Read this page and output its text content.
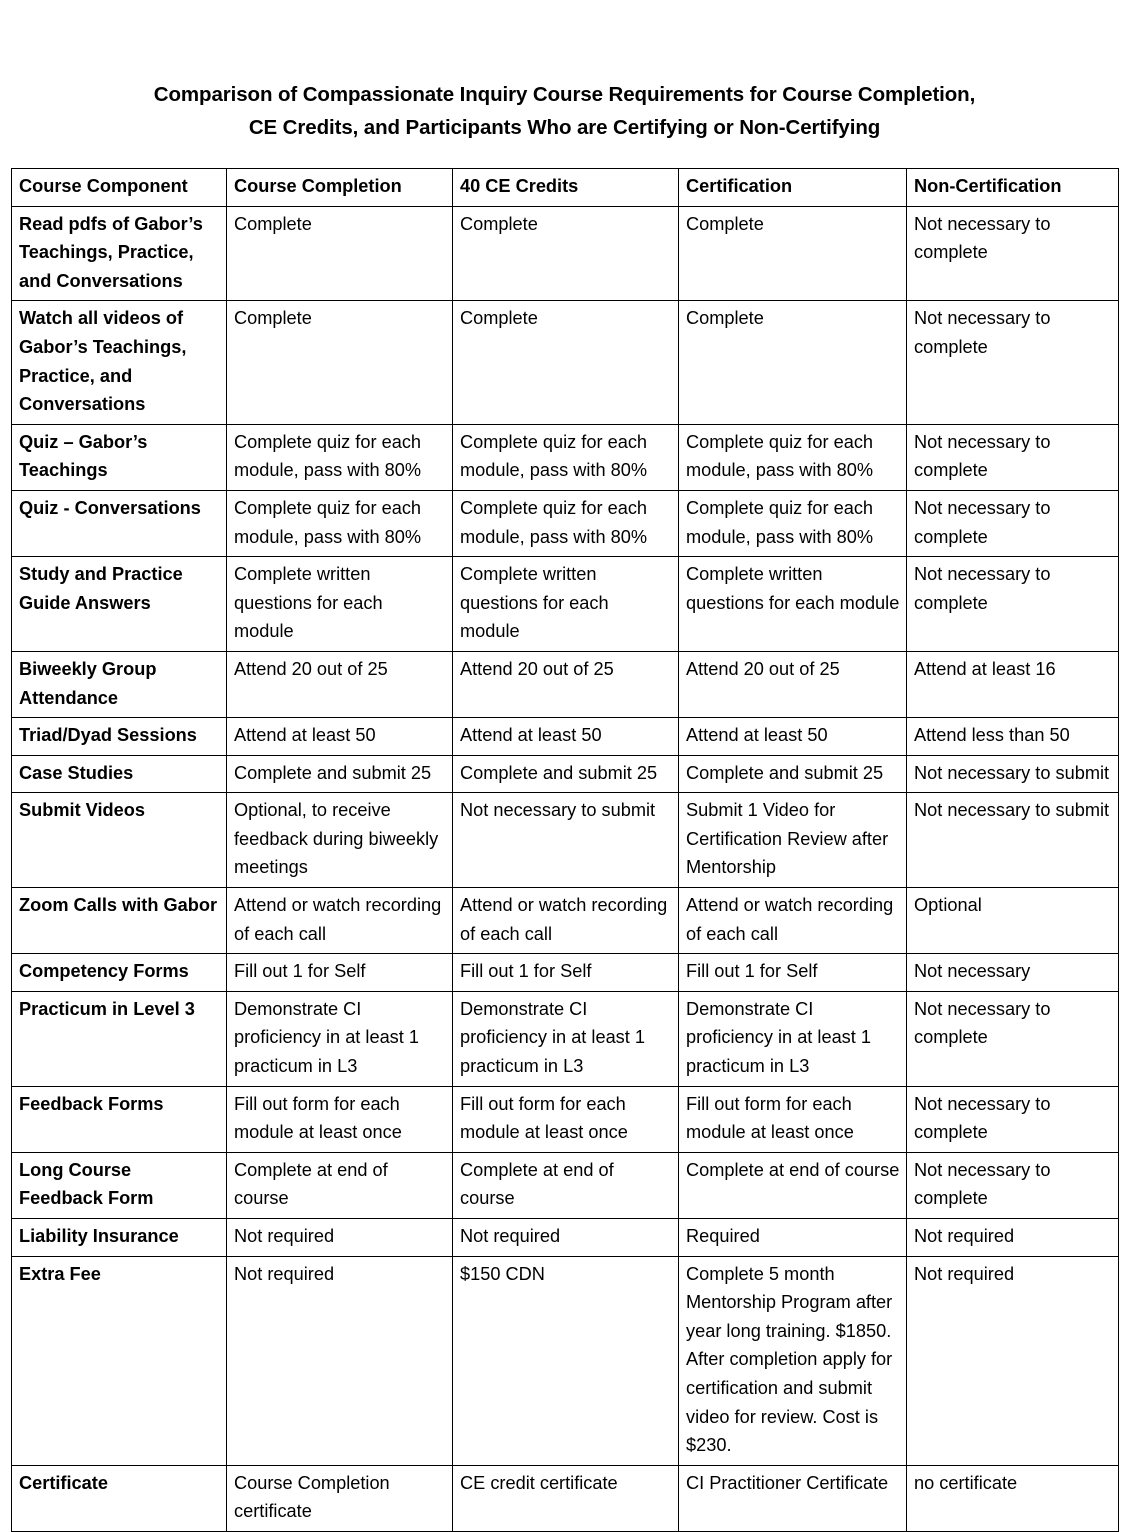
Comparison of Compassionate Inquiry Course Requirements for Course Completion,
CE Credits, and Participants Who are Certifying or Non-Certifying
Course Component	Course Completion	40 CE Credits	Certification	Non-Certification
Read pdfs of Gabor’s Teachings, Practice, and Conversations	Complete	Complete	Complete	Not necessary to complete
Watch all videos of Gabor’s Teachings, Practice, and Conversations	Complete	Complete	Complete	Not necessary to complete
Quiz – Gabor’s Teachings	Complete quiz for each module, pass with 80%	Complete quiz for each module, pass with 80%	Complete quiz for each module, pass with 80%	Not necessary to complete
Quiz - Conversations	Complete quiz for each module, pass with 80%	Complete quiz for each module, pass with 80%	Complete quiz for each module, pass with 80%	Not necessary to complete
Study and Practice Guide Answers	Complete written questions for each module	Complete written questions for each module	Complete written questions for each module	Not necessary to complete
Biweekly Group Attendance	Attend 20 out of 25	Attend 20 out of 25	Attend 20 out of 25	Attend at least 16
Triad/Dyad Sessions	Attend at least 50	Attend at least 50	Attend at least 50	Attend less than 50
Case Studies	Complete and submit 25	Complete and submit 25	Complete and submit 25	Not necessary to submit
Submit Videos	Optional, to receive feedback during biweekly meetings	Not necessary to submit	Submit 1 Video for Certification Review after Mentorship	Not necessary to submit
Zoom Calls with Gabor	Attend or watch recording of each call	Attend or watch recording of each call	Attend or watch recording of each call	Optional
Competency Forms	Fill out 1 for Self	Fill out 1 for Self	Fill out 1 for Self	Not necessary
Practicum in Level 3	Demonstrate CI proficiency in at least 1 practicum in L3	Demonstrate CI proficiency in at least 1 practicum in L3	Demonstrate CI proficiency in at least 1 practicum in L3	Not necessary to complete
Feedback Forms	Fill out form for each module at least once	Fill out form for each module at least once	Fill out form for each module at least once	Not necessary to complete
Long Course Feedback Form	Complete at end of course	Complete at end of course	Complete at end of course	Not necessary to complete
Liability Insurance	Not required	Not required	Required	Not required
Extra Fee	Not required	$150 CDN	Complete 5 month Mentorship Program after year long training. $1850. After completion apply for certification and submit video for review. Cost is $230.	Not required
Certificate	Course Completion certificate	CE credit certificate	CI Practitioner Certificate	no certificate
